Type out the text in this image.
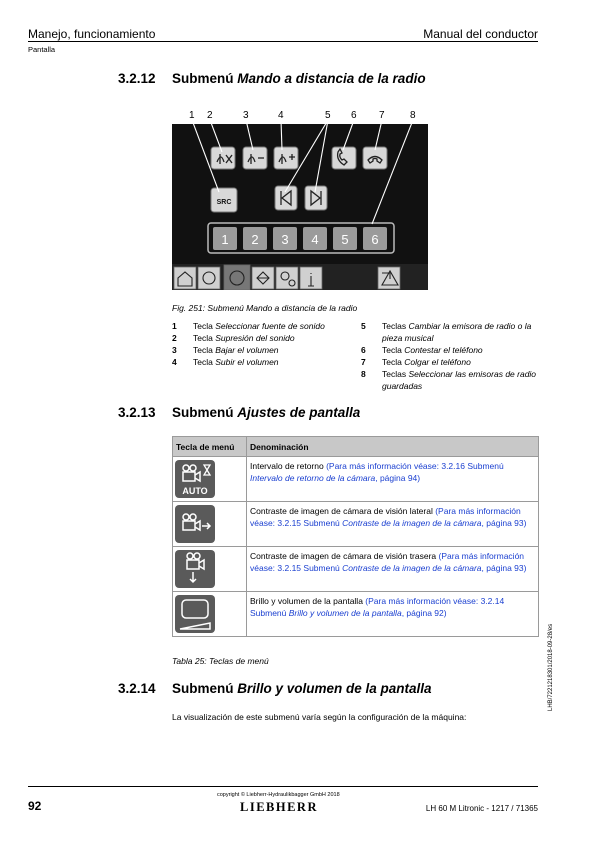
Manejo, funcionamiento	Manual del conductor
Pantalla
3.2.12 Submenú Mando a distancia de la radio
1 2	3	4	5 6 7	8
SRC
1 2 3 4 5 6
Fig. 251: Submenú Mando a distancia de la radio
1	Tecla Seleccionar fuente de sonido
2	Tecla Supresión del sonido
3	Tecla Bajar el volumen
4	Tecla Subir el volumen
5	Teclas Cambiar la emisora de radio o la pieza musical
6	Tecla Contestar el teléfono
7	Tecla Colgar el teléfono
8	Teclas Seleccionar las emisoras de radio guardadas
3.2.13 Submenú Ajustes de pantalla
Tecla de menú	Denominación

AUTO	Intervalo de retorno (Para más información véase: 3.2.16 Submenú Intervalo de retorno de la cámara, página 94)

	Contraste de imagen de cámara de visión lateral (Para más información véase: 3.2.15 Submenú Contraste de la imagen de la cámara, página 93)

	Contraste de imagen de cámara de visión trasera (Para más información véase: 3.2.15 Submenú Contraste de la imagen de la cámara, página 93)

	Brillo y volumen de la pantalla (Para más información véase: 3.2.14 Submenú Brillo y volumen de la pantalla, página 92)
Tabla 25: Teclas de menú	LHB/7221218301/2018-09-28/es
3.2.14 Submenú Brillo y volumen de la pantalla
La visualización de este submenú varía según la configuración de la máquina:
copyright © Liebherr-Hydraulikbagger GmbH 2018
LIEBHERR
92	LH 60 M Litronic - 1217 / 71365
